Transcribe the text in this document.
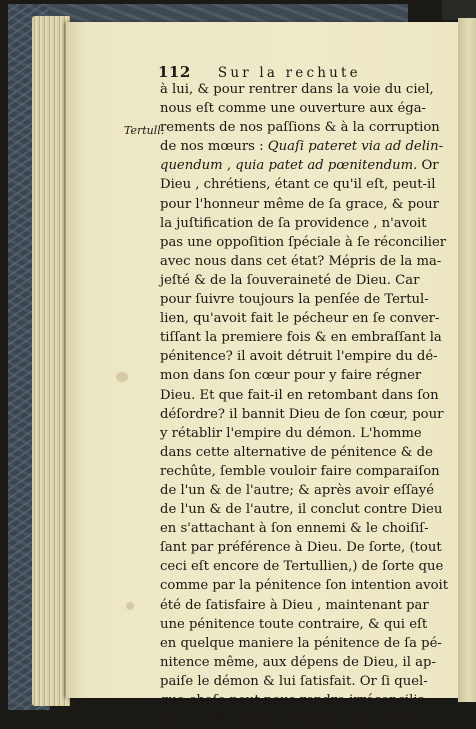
112 Sur la rechute
Tertull.
à lui, & pour rentrer dans la voie du ciel,
nous eſt comme une ouverture aux éga-
rements de nos paſſions & à la corruption
de nos mœurs : Quaſi pateret via ad delin-
quendum , quia patet ad pœnitendum. Or
Dieu , chrétiens, étant ce qu'il eſt, peut-il
pour l'honneur même de ſa grace, & pour
la juſtification de ſa providence , n'avoit
pas une oppoſition ſpéciale à ſe réconcilier
avec nous dans cet état? Mépris de la ma-
jeſté & de la ſouveraineté de Dieu. Car
pour ſuivre toujours la penſée de Tertul-
lien, qu'avoit fait le pécheur en ſe conver-
tiſſant la premiere fois & en embraſſant la
pénitence? il avoit détruit l'empire du dé-
mon dans ſon cœur pour y faire régner
Dieu. Et que fait-il en retombant dans ſon
déſordre? il bannit Dieu de ſon cœur, pour
y rétablir l'empire du démon. L'homme
dans cette alternative de pénitence & de
rechûte, ſemble vouloir faire comparaiſon
de l'un & de l'autre; & après avoir eſſayé
de l'un & de l'autre, il conclut contre Dieu
en s'attachant à ſon ennemi & le choiſiſ-
ſant par préférence à Dieu. De ſorte, (tout
ceci eſt encore de Tertullien,) de ſorte que
comme par la pénitence ſon intention avoit
été de ſatisfaire à Dieu , maintenant par
une pénitence toute contraire, & qui eſt
en quelque maniere la pénitence de ſa pé-
nitence même, aux dépens de Dieu, il ap-
paiſe le démon & lui ſatisfait. Or ſi quel-
que choſe peut nous rendre irréconcilia-
bles, n'eſt-ce pas un tel outrage? Toute
